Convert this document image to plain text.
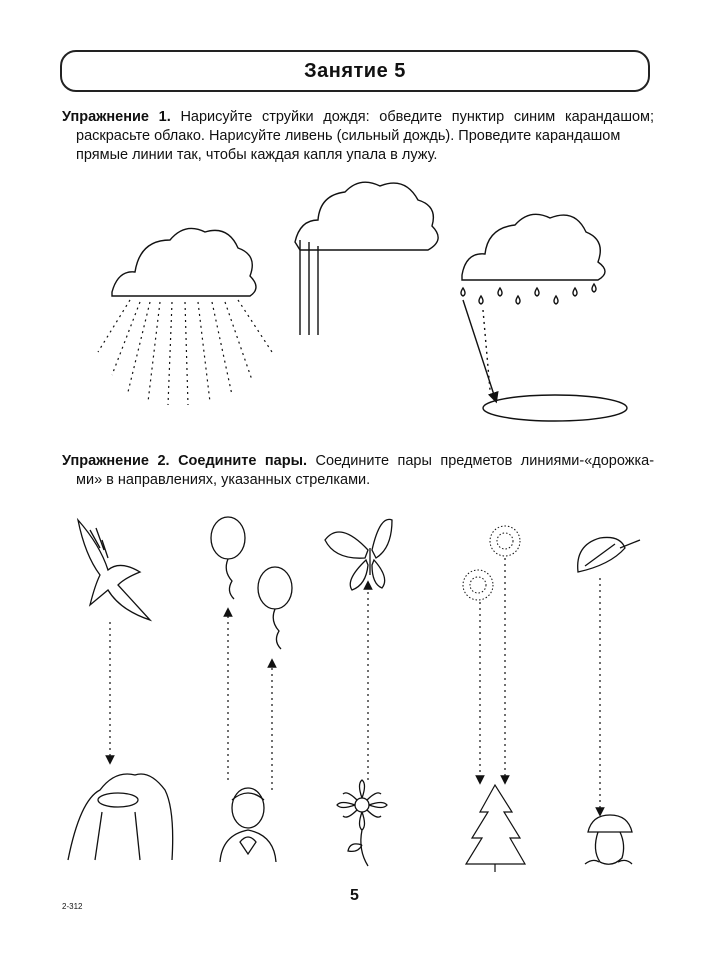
Занятие 5
Упражнение 1. Нарисуйте струйки дождя: обведите пунктир синим карандашом;
раскрасьте облако. Нарисуйте ливень (сильный дождь). Проведите карандашом
прямые линии так, чтобы каждая капля упала в лужу.
Упражнение 2. Соедините пары. Соедините пары предметов линиями-«дорожка-
ми» в направлениях, указанных стрелками.
5
2-312
